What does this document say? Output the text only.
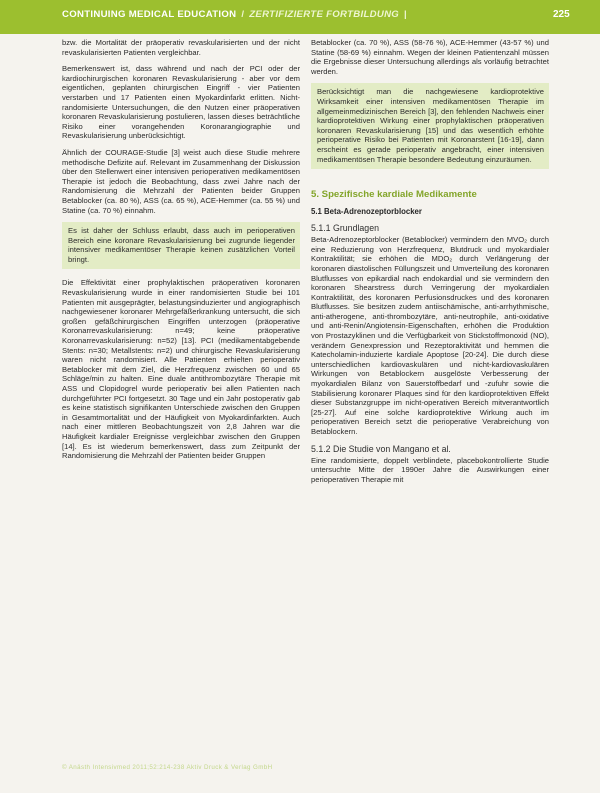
CONTINUING MEDICAL EDUCATION / ZERTIFIZIERTE FORTBILDUNG |	225

bzw. die Mortalität der präoperativ revaskularisierten und der nicht revaskularisierten Patienten vergleichbar.

Bemerkenswert ist, dass während und nach der PCI oder der kardiochirurgischen koronaren Revaskularisierung - aber vor dem eigentlichen, geplanten chirurgischen Eingriff - vier Patienten verstarben und 17 Patienten einen Myokardinfarkt erlitten. Nicht-randomisierte Untersuchungen, die den Nutzen einer präoperativen koronaren Revaskularisierung postulieren, lassen dieses beträchtliche Risiko einer vorangehenden Koronarangiographie und Revaskularisierung unberücksichtigt.

Ähnlich der COURAGE-Studie [3] weist auch diese Studie mehrere methodische Defizite auf. Relevant im Zusammenhang der Diskussion über den Stellenwert einer intensiven perioperativen medikamentösen Therapie ist jedoch die Beobachtung, dass zwei Jahre nach der Randomisierung die Mehrzahl der Patienten beider Gruppen Betablocker (ca. 80 %), ASS (ca. 65 %), ACE-Hemmer (ca. 55 %) und Statine (ca. 70 %) einnahm.

Es ist daher der Schluss erlaubt, dass auch im perioperativen Bereich eine koronare Revaskularisierung bei zugrunde liegender intensiver medikamentöser Therapie keinen zusätzlichen Vorteil bringt.

Die Effektivität einer prophylaktischen präoperativen koronaren Revaskularisierung wurde in einer randomisierten Studie bei 101 Patienten mit ausgeprägter, belastungsinduzierter und angiographisch nachgewiesener koronarer Mehrgefäßerkrankung untersucht, die sich großen gefäßchirurgischen Eingriffen unterzogen (präoperative Koronarrevaskularisierung: n=49; keine präoperative Koronarrevaskularisierung: n=52) [13]. PCI (medikamentabgebende Stents: n=30; Metallstents: n=2) und chirurgische Revaskularisierung waren nicht randomisiert. Alle Patienten erhielten perioperativ Betablocker mit dem Ziel, die Herzfrequenz zwischen 60 und 65 Schläge/min zu halten. Eine duale antithrombozytäre Therapie mit ASS und Clopidogrel wurde perioperativ bei allen Patienten nach durchgeführter PCI fortgesetzt. 30 Tage und ein Jahr postoperativ gab es keine statistisch signifikanten Unterschiede zwischen den Gruppen in Gesamtmortalität und der Häufigkeit von Myokardinfarkten. Auch nach einer mittleren Beobachtungszeit von 2,8 Jahren war die Häufigkeit kardialer Ereignisse vergleichbar zwischen den Gruppen [14]. Es ist wiederum bemerkenswert, dass zum Zeitpunkt der Randomisierung die Mehrzahl der Patienten beider Gruppen

Betablocker (ca. 70 %), ASS (58-76 %), ACE-Hemmer (43-57 %) und Statine (58-69 %) einnahm. Wegen der kleinen Patientenzahl müssen die Ergebnisse dieser Untersuchung allerdings als vorläufig betrachtet werden.

Berücksichtigt man die nachgewiesene kardioprotektive Wirksamkeit einer intensiven medikamentösen Therapie im allgemeinmedizinischen Bereich [3], den fehlenden Nachweis einer kardioprotektiven Wirkung einer prophylaktischen präoperativen koronaren Revaskularisierung [15] und das wesentlich erhöhte perioperative Risiko bei Patienten mit Koronarstent [16-19], dann erscheint es gerade perioperativ angebracht, einer intensiven medikamentösen Therapie besondere Bedeutung einzuräumen.

5. Spezifische kardiale Medikamente
5.1 Beta-Adrenozeptorblocker
5.1.1 Grundlagen

Beta-Adrenozeptorblocker (Betablocker) vermindern den MVO₂ durch eine Reduzierung von Herzfrequenz, Blutdruck und myokardialer Kontraktilität; sie erhöhen die MDO₂ durch Verlängerung der koronaren diastolischen Füllungszeit und Umverteilung des koronaren Blutflusses von epikardial nach endokardial und sie vermindern den koronaren Shearstress durch Verringerung der myokardialen Kontraktilität, des koronaren Perfusionsdruckes und des koronaren Blutflusses. Sie besitzen zudem antiischämische, anti-arrhythmische, anti-atherogene, anti-thrombozytäre, anti-neutrophile, anti-oxidative und anti-Renin/Angiotensin-Eigenschaften, erhöhen die Produktion von Prostazyklinen und die Verfügbarkeit von Stickstoffmonoxid (NO), verändern Genexpression und Rezeptoraktivität und hemmen die Katecholamin-induzierte kardiale Apoptose [20-24]. Die durch diese unterschiedlichen kardiovaskulären und nicht-kardiovaskulären Wirkungen von Betablockern ausgelöste Verbesserung der myokardialen Bilanz von Sauerstoffbedarf und -zufuhr sowie die Stabilisierung koronarer Plaques sind für den kardioprotektiven Effekt dieser Substanzgruppe im nicht-operativen Bereich mitverantwortlich [25-27]. Auf eine solche kardioprotektive Wirkung auch im perioperativen Bereich setzt die perioperative Verabreichung von Betablockern.

5.1.2 Die Studie von Mangano et al.

Eine randomisierte, doppelt verblindete, placebokontrollierte Studie untersuchte Mitte der 1990er Jahre die Auswirkungen einer perioperativen Therapie mit

© Anästh Intensivmed 2011;52:214-238 Aktiv Druck & Verlag GmbH
